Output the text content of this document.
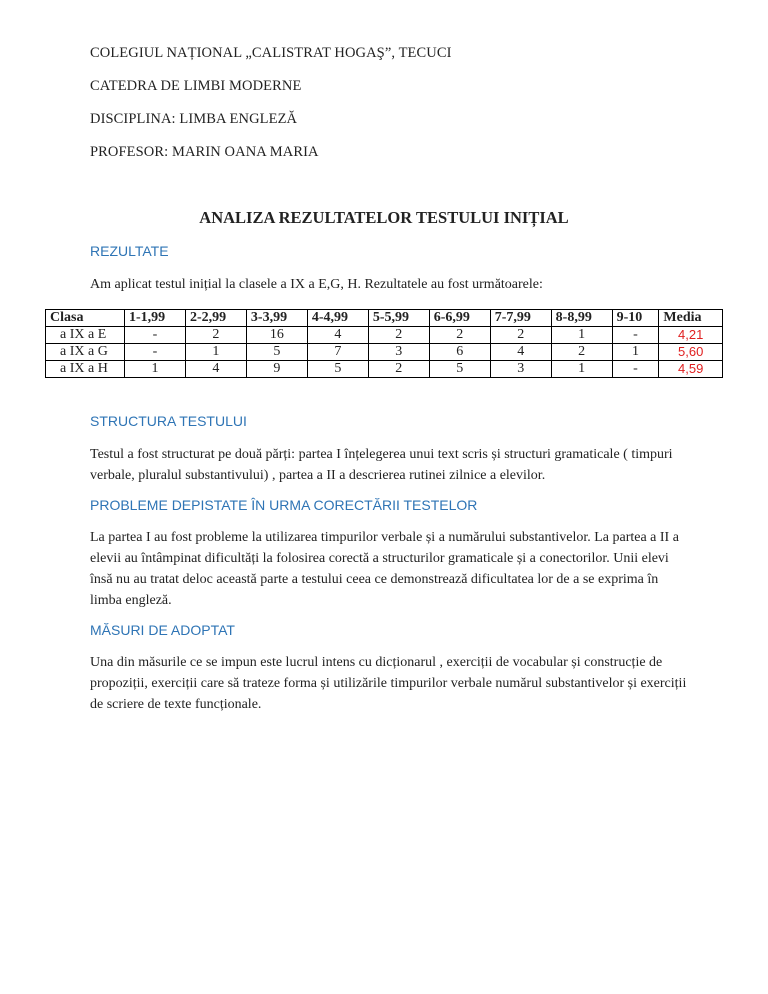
COLEGIUL NAȚIONAL „CALISTRAT HOGAŞ”, TECUCI
CATEDRA DE LIMBI MODERNE
DISCIPLINA: LIMBA ENGLEZĂ
PROFESOR: MARIN OANA MARIA
ANALIZA REZULTATELOR TESTULUI INIȚIAL
REZULTATE
Am aplicat testul inițial la clasele a IX a E,G, H. Rezultatele au fost următoarele:
Clasa	1-1,99	2-2,99	3-3,99	4-4,99	5-5,99	6-6,99	7-7,99	8-8,99	9-10	Media
a IX a E	-	2	16	4	2	2	2	1	-	4,21
a IX a G	-	1	5	7	3	6	4	2	1	5,60
a IX a H	1	4	9	5	2	5	3	1	-	4,59
STRUCTURA TESTULUI
Testul a fost structurat pe două părți: partea I înțelegerea unui text scris și structuri gramaticale ( timpuri verbale, pluralul substantivului) , partea a II a descrierea rutinei zilnice a elevilor.
PROBLEME DEPISTATE ÎN URMA CORECTĂRII TESTELOR
La partea I au fost probleme la utilizarea timpurilor verbale și a numărului substantivelor. La partea a II a elevii au întâmpinat dificultăți la folosirea corectă a structurilor gramaticale și a conectorilor. Unii elevi însă nu au tratat deloc această parte a testului ceea ce demonstrează dificultatea lor de a se exprima în limba engleză.
MĂSURI DE ADOPTAT
Una din măsurile ce se impun este lucrul intens cu dicționarul , exerciții de vocabular și construcție de propoziții, exerciții care să trateze forma și utilizările timpurilor verbale numărul substantivelor și exerciții de scriere de texte funcționale.
